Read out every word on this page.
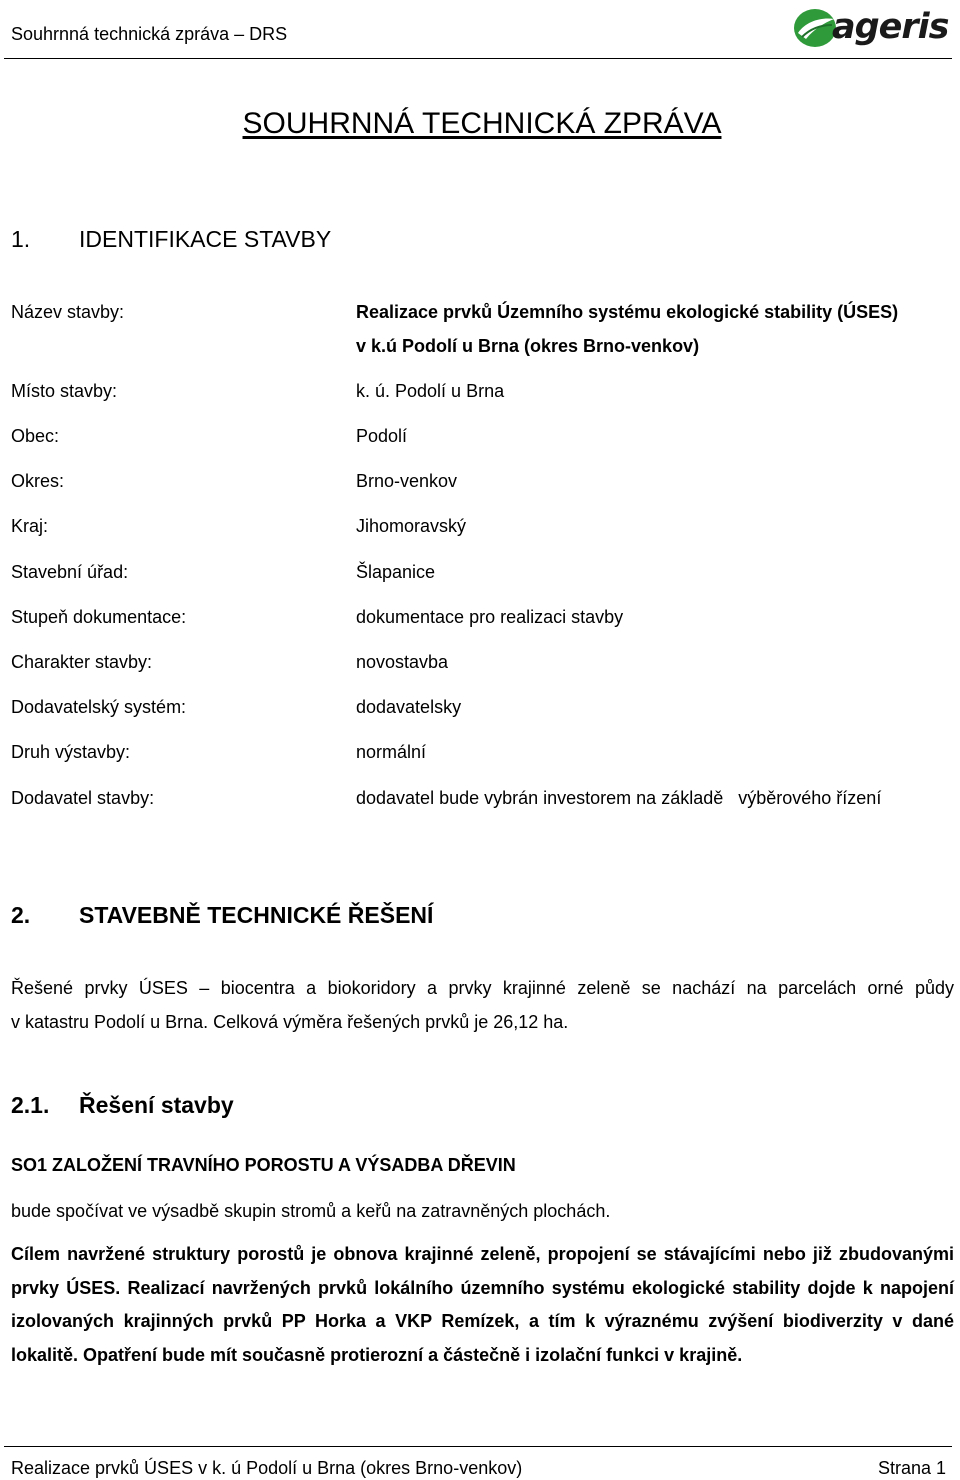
Souhrnná technická zpráva – DRS	ageris
SOUHRNNÁ TECHNICKÁ ZPRÁVA
1. IDENTIFIKACE STAVBY
Název stavby:	Realizace prvků Územního systému ekologické stability (ÚSES)
v k.ú Podolí u Brna (okres Brno-venkov)
Místo stavby:	k. ú. Podolí u Brna
Obec:	Podolí
Okres:	Brno-venkov
Kraj:	Jihomoravský
Stavební úřad:	Šlapanice
Stupeň dokumentace:	dokumentace pro realizaci stavby
Charakter stavby:	novostavba
Dodavatelský systém:	dodavatelsky
Druh výstavby:	normální
Dodavatel stavby:	dodavatel bude vybrán investorem na základě   výběrového řízení
2. STAVEBNĚ TECHNICKÉ ŘEŠENÍ
Řešené prvky ÚSES – biocentra a biokoridory a prvky krajinné zeleně se nachází na parcelách orné půdy
v katastru Podolí u Brna. Celková výměra řešených prvků je 26,12 ha.
2.1. Řešení stavby
SO1 ZALOŽENÍ TRAVNÍHO POROSTU A VÝSADBA DŘEVIN
bude spočívat ve výsadbě skupin stromů a keřů na zatravněných plochách.
Cílem navržené struktury porostů je obnova krajinné zeleně, propojení se stávajícími nebo již zbudovanými prvky ÚSES. Realizací navržených prvků lokálního územního systému ekologické stability dojde k napojení izolovaných krajinných prvků PP Horka a VKP Remízek, a tím k výraznému zvýšení biodiverzity v dané lokalitě. Opatření bude mít současně protierozní a částečně i izolační funkci v krajině.
Realizace prvků ÚSES v k. ú Podolí u Brna (okres Brno-venkov)	Strana 1
